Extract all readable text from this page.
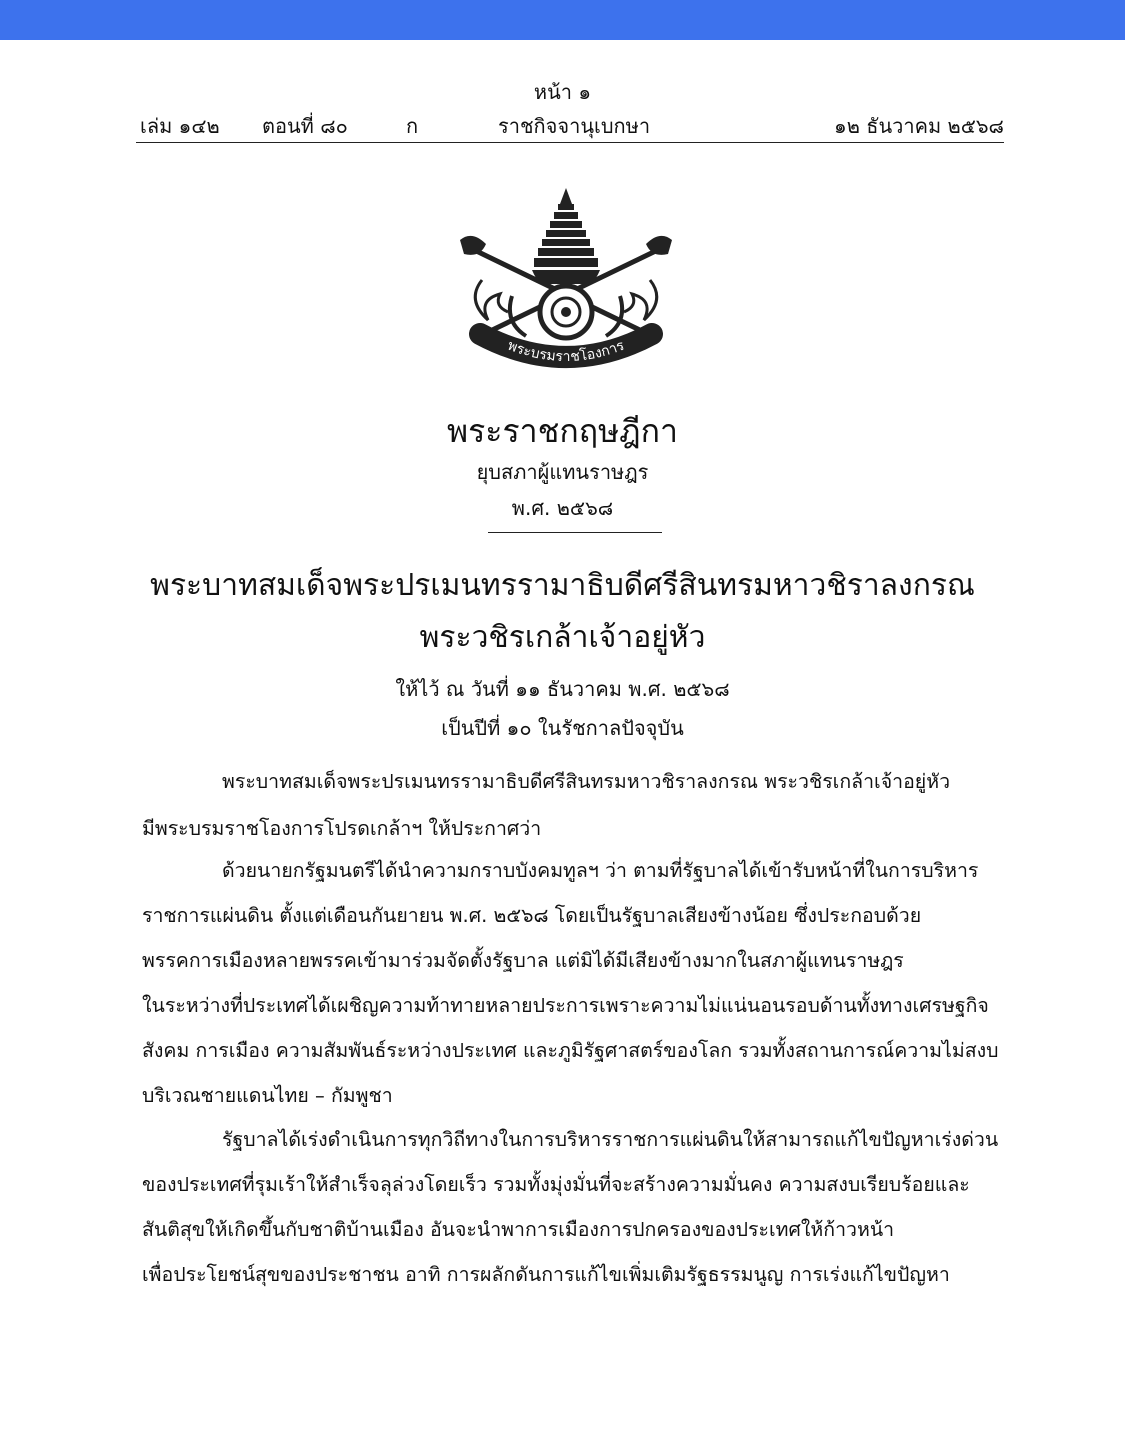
หน้า ๑
เล่ม ๑๔๒ ตอนที่ ๘๐	ก	ราชกิจจานุเบกษา	๑๒ ธันวาคม ๒๕๖๘
พระบรมราชโองการ
พระราชกฤษฎีกา
ยุบสภาผู้แทนราษฎร
พ.ศ. ๒๕๖๘
พระบาทสมเด็จพระปรเมนทรรามาธิบดีศรีสินทรมหาวชิราลงกรณ
พระวชิรเกล้าเจ้าอยู่หัว
ให้ไว้ ณ วันที่ ๑๑ ธันวาคม พ.ศ. ๒๕๖๘
เป็นปีที่ ๑๐ ในรัชกาลปัจจุบัน
พระบาทสมเด็จพระปรเมนทรรามาธิบดีศรีสินทรมหาวชิราลงกรณ พระวชิรเกล้าเจ้าอยู่หัว
มีพระบรมราชโองการโปรดเกล้าฯ ให้ประกาศว่า
ด้วยนายกรัฐมนตรีได้นำความกราบบังคมทูลฯ ว่า ตามที่รัฐบาลได้เข้ารับหน้าที่ในการบริหาร
ราชการแผ่นดิน ตั้งแต่เดือนกันยายน พ.ศ. ๒๕๖๘ โดยเป็นรัฐบาลเสียงข้างน้อย ซึ่งประกอบด้วย
พรรคการเมืองหลายพรรคเข้ามาร่วมจัดตั้งรัฐบาล แต่มิได้มีเสียงข้างมากในสภาผู้แทนราษฎร
ในระหว่างที่ประเทศได้เผชิญความท้าทายหลายประการเพราะความไม่แน่นอนรอบด้านทั้งทางเศรษฐกิจ
สังคม การเมือง ความสัมพันธ์ระหว่างประเทศ และภูมิรัฐศาสตร์ของโลก รวมทั้งสถานการณ์ความไม่สงบ
บริเวณชายแดนไทย – กัมพูชา
รัฐบาลได้เร่งดำเนินการทุกวิถีทางในการบริหารราชการแผ่นดินให้สามารถแก้ไขปัญหาเร่งด่วน
ของประเทศที่รุมเร้าให้สำเร็จลุล่วงโดยเร็ว รวมทั้งมุ่งมั่นที่จะสร้างความมั่นคง ความสงบเรียบร้อยและ
สันติสุขให้เกิดขึ้นกับชาติบ้านเมือง อันจะนำพาการเมืองการปกครองของประเทศให้ก้าวหน้า
เพื่อประโยชน์สุขของประชาชน อาทิ การผลักดันการแก้ไขเพิ่มเติมรัฐธรรมนูญ การเร่งแก้ไขปัญหา
